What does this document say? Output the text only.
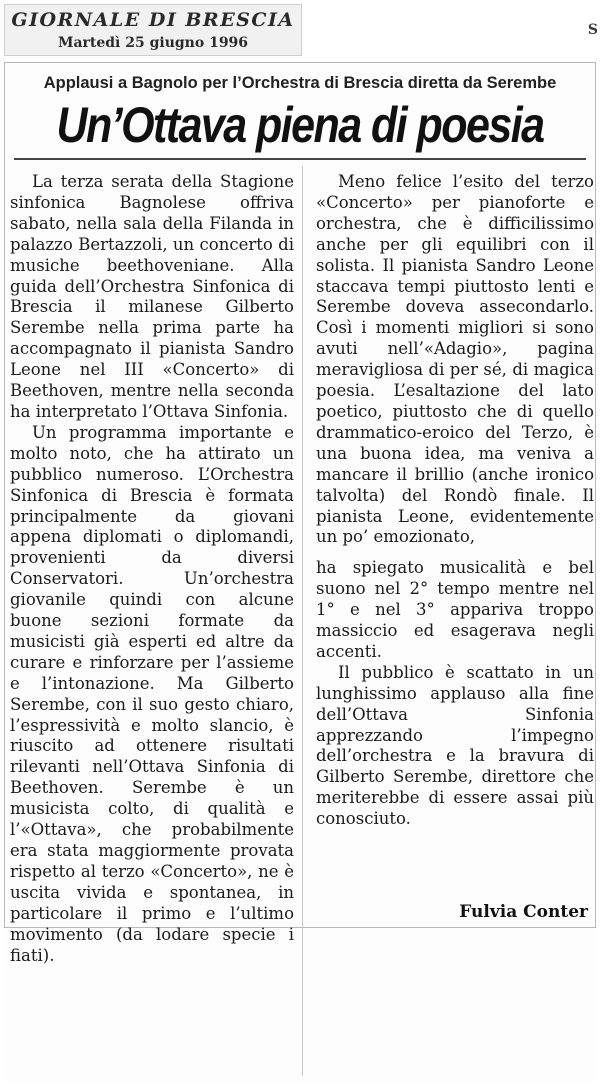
GIORNALE DI BRESCIA
Martedì 25 giugno 1996
S
Applausi a Bagnolo per l’Orchestra di Brescia diretta da Serembe
Un’Ottava piena di poesia

La terza serata della Stagione sinfonica Bagnolese offriva sabato, nella sala della Filanda in palazzo Bertazzoli, un concerto di musiche beethoveniane. Alla guida dell’Orchestra Sinfonica di Brescia il milanese Gilberto Serembe nella prima parte ha accompagnato il pianista Sandro Leone nel III «Concerto» di Beethoven, mentre nella seconda ha interpretato l’Ottava Sinfonia.

Un programma importante e molto noto, che ha attirato un pubblico numeroso. L’Orchestra Sinfonica di Brescia è formata principalmente da giovani appena diplomati o diplomandi, provenienti da diversi Conservatori. Un’orchestra giovanile quindi con alcune buone sezioni formate da musicisti già esperti ed altre da curare e rinforzare per l’assieme e l’intonazione. Ma Gilberto Serembe, con il suo gesto chiaro, l’espressività e molto slancio, è riuscito ad ottenere risultati rilevanti nell’Ottava Sinfonia di Beethoven. Serembe è un musicista colto, di qualità e l’«Ottava», che probabilmente era stata maggiormente provata rispetto al terzo «Concerto», ne è uscita vivida e spontanea, in particolare il primo e l’ultimo movimento (da lodare specie i fiati).

Meno felice l’esito del terzo «Concerto» per pianoforte e orchestra, che è difficilissimo anche per gli equilibri con il solista. Il pianista Sandro Leone staccava tempi piuttosto lenti e Serembe doveva assecondarlo. Così i momenti migliori si sono avuti nell’«Adagio», pagina meravigliosa di per sé, di magica poesia. L’esaltazione del lato poetico, piuttosto che di quello drammatico-eroico del Terzo, è una buona idea, ma veniva a mancare il brillio (anche ironico talvolta) del Rondò finale. Il pianista Leone, evidentemente un po’ emozionato,

ha spiegato musicalità e bel suono nel 2° tempo mentre nel 1° e nel 3° appariva troppo massiccio ed esagerava negli accenti.

Il pubblico è scattato in un lunghissimo applauso alla fine dell’Ottava Sinfonia apprezzando l’impegno dell’orchestra e la bravura di Gilberto Serembe, direttore che meriterebbe di essere assai più conosciuto.

Fulvia Conter
